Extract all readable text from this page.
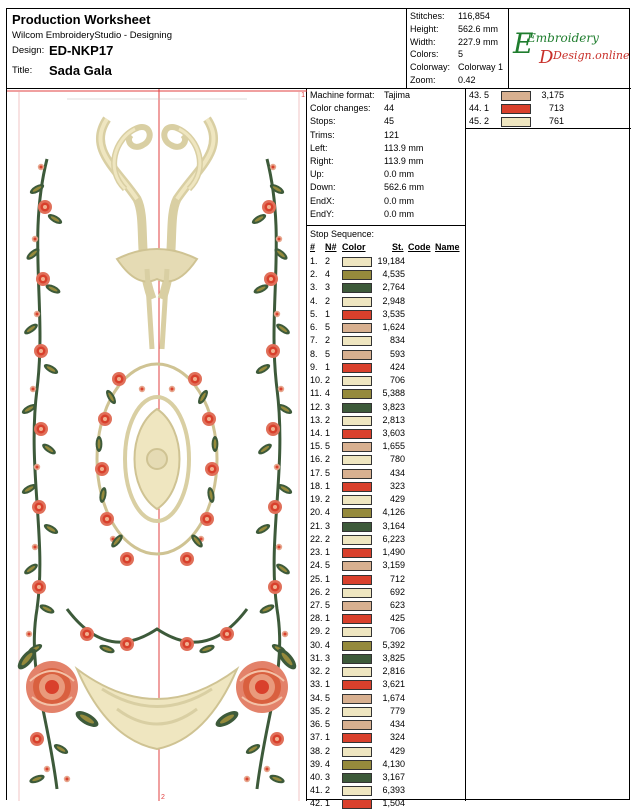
Production Worksheet
Wilcom EmbroideryStudio - Designing
Design: ED-NKP17
Title: Sada Gala
Stitches: 116,854
Height: 562.6 mm
Width: 227.9 mm
Colors: 5
Colorway: Colorway 1
Zoom: 0.42
E
Embroidery
D Design.online
1
2
Stop Sequence:
# N# Color	St. Code Name
Machine format: Tajima
Color changes: 44
Stops:	45
Trims:	121
Left:	113.9 mm
Right:	113.9 mm
Up:	0.0 mm
Down:	562.6 mm
EndX:	0.0 mm
EndY:	0.0 mm
1. 2	19,184
2. 4	4,535
3. 3	2,764
4. 2	2,948
5. 1	3,535
6. 5	1,624
7. 2	834
8. 5	593
9. 1	424
10. 2	706
11. 4	5,388
12. 3	3,823
13. 2	2,813
14. 1	3,603
15. 5	1,655
16. 2	780
17. 5	434
18. 1	323
19. 2	429
20. 4	4,126
21. 3	3,164
22. 2	6,223
23. 1	1,490
24. 5	3,159
25. 1	712
26. 2	692
27. 5	623
28. 1	425
29. 2	706
30. 4	5,392
31. 3	3,825
32. 2	2,816
33. 1	3,621
34. 5	1,674
35. 2	779
36. 5	434
37. 1	324
38. 2	429
39. 4	4,130
40. 3	3,167
41. 2	6,393
42. 1	1,504
43. 5	3,175
44. 1	713
45. 2	761
